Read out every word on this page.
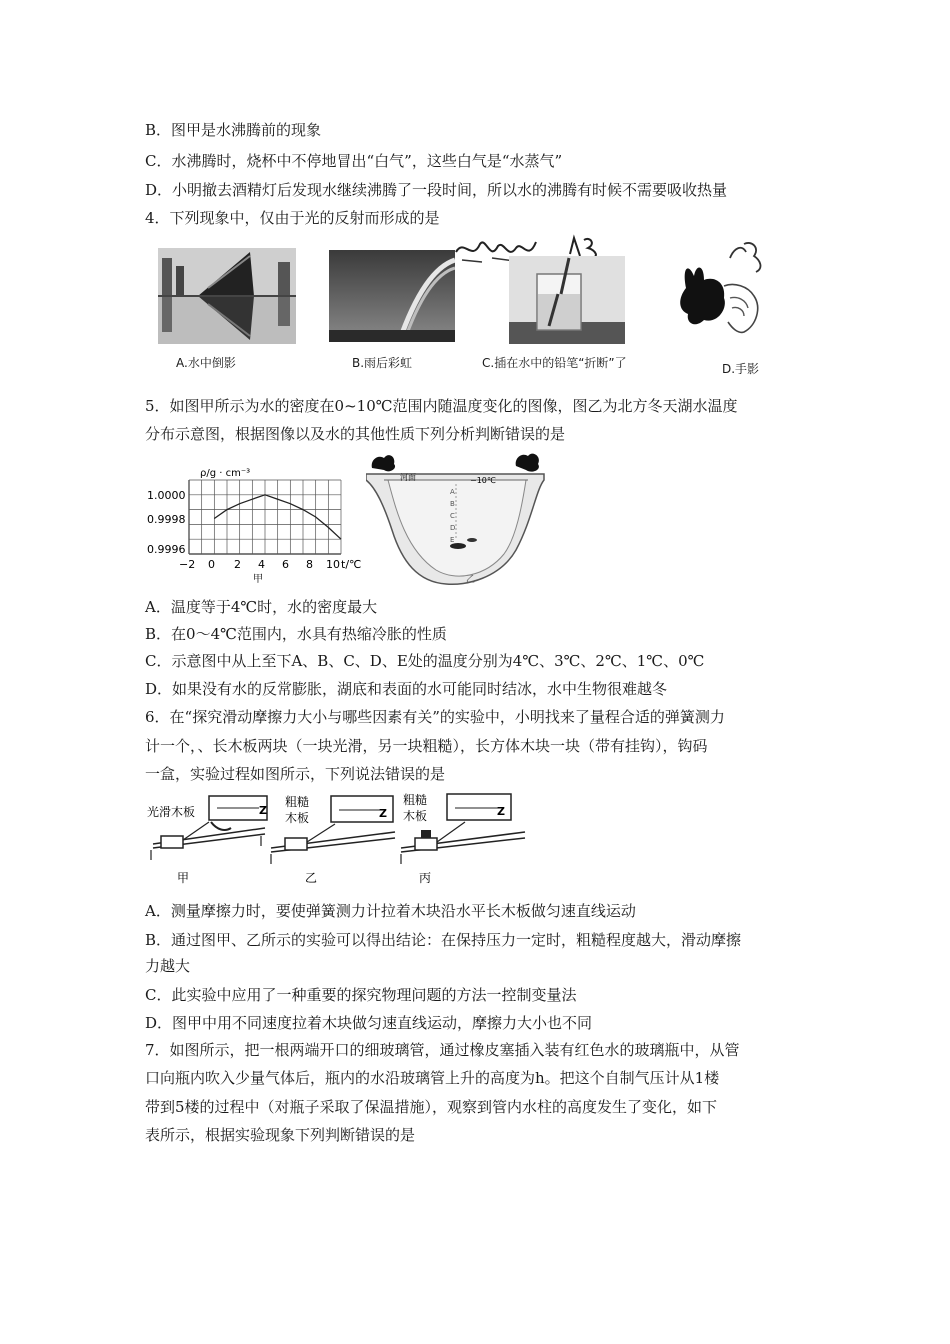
B．图甲是水沸腾前的现象
C．水沸腾时，烧杯中不停地冒出“白气”，这些白气是“水蒸气”
D．小明撤去酒精灯后发现水继续沸腾了一段时间，所以水的沸腾有时候不需要吸收热量
4．下列现象中，仅由于光的反射而形成的是
A.水中倒影	B.雨后彩虹	C.插在水中的铅笔“折断”了	D.手影
5．如图甲所示为水的密度在0~10℃范围内随温度变化的图像，图乙为北方冬天湖水温度
分布示意图，根据图像以及水的其他性质下列分析判断错误的是
ρ/g · cm⁻³
t/℃
1.0000
0.9998
0.9996
−2 0 2 4 6 8 10
甲
河面	−10℃
A
B
C
D
E
乙
A．温度等于4℃时，水的密度最大
B．在0～4℃范围内，水具有热缩冷胀的性质
C．示意图中从上至下A、B、C、D、E处的温度分别为4℃、3℃、2℃、1℃、0℃
D．如果没有水的反常膨胀，湖底和表面的水可能同时结冰，水中生物很难越冬
6．在“探究滑动摩擦力大小与哪些因素有关”的实验中，小明找来了量程合适的弹簧测力
计一个，、长木板两块（一块光滑，另一块粗糙），长方体木块一块（带有挂钩），钩码
一盒，实验过程如图所示，下列说法错误的是
Z
光滑木板
甲
Z
粗糙
木板
乙
Z
粗糙
木板
丙
A．测量摩擦力时，要使弹簧测力计拉着木块沿水平长木板做匀速直线运动
B．通过图甲、乙所示的实验可以得出结论：在保持压力一定时，粗糙程度越大，滑动摩擦
力越大
C．此实验中应用了一种重要的探究物理问题的方法一控制变量法
D．图甲中用不同速度拉着木块做匀速直线运动，摩擦力大小也不同
7．如图所示，把一根两端开口的细玻璃管，通过橡皮塞插入装有红色水的玻璃瓶中，从管
口向瓶内吹入少量气体后，瓶内的水沿玻璃管上升的高度为h。把这个自制气压计从1楼
带到5楼的过程中（对瓶子采取了保温措施），观察到管内水柱的高度发生了变化，如下
表所示，根据实验现象下列判断错误的是
